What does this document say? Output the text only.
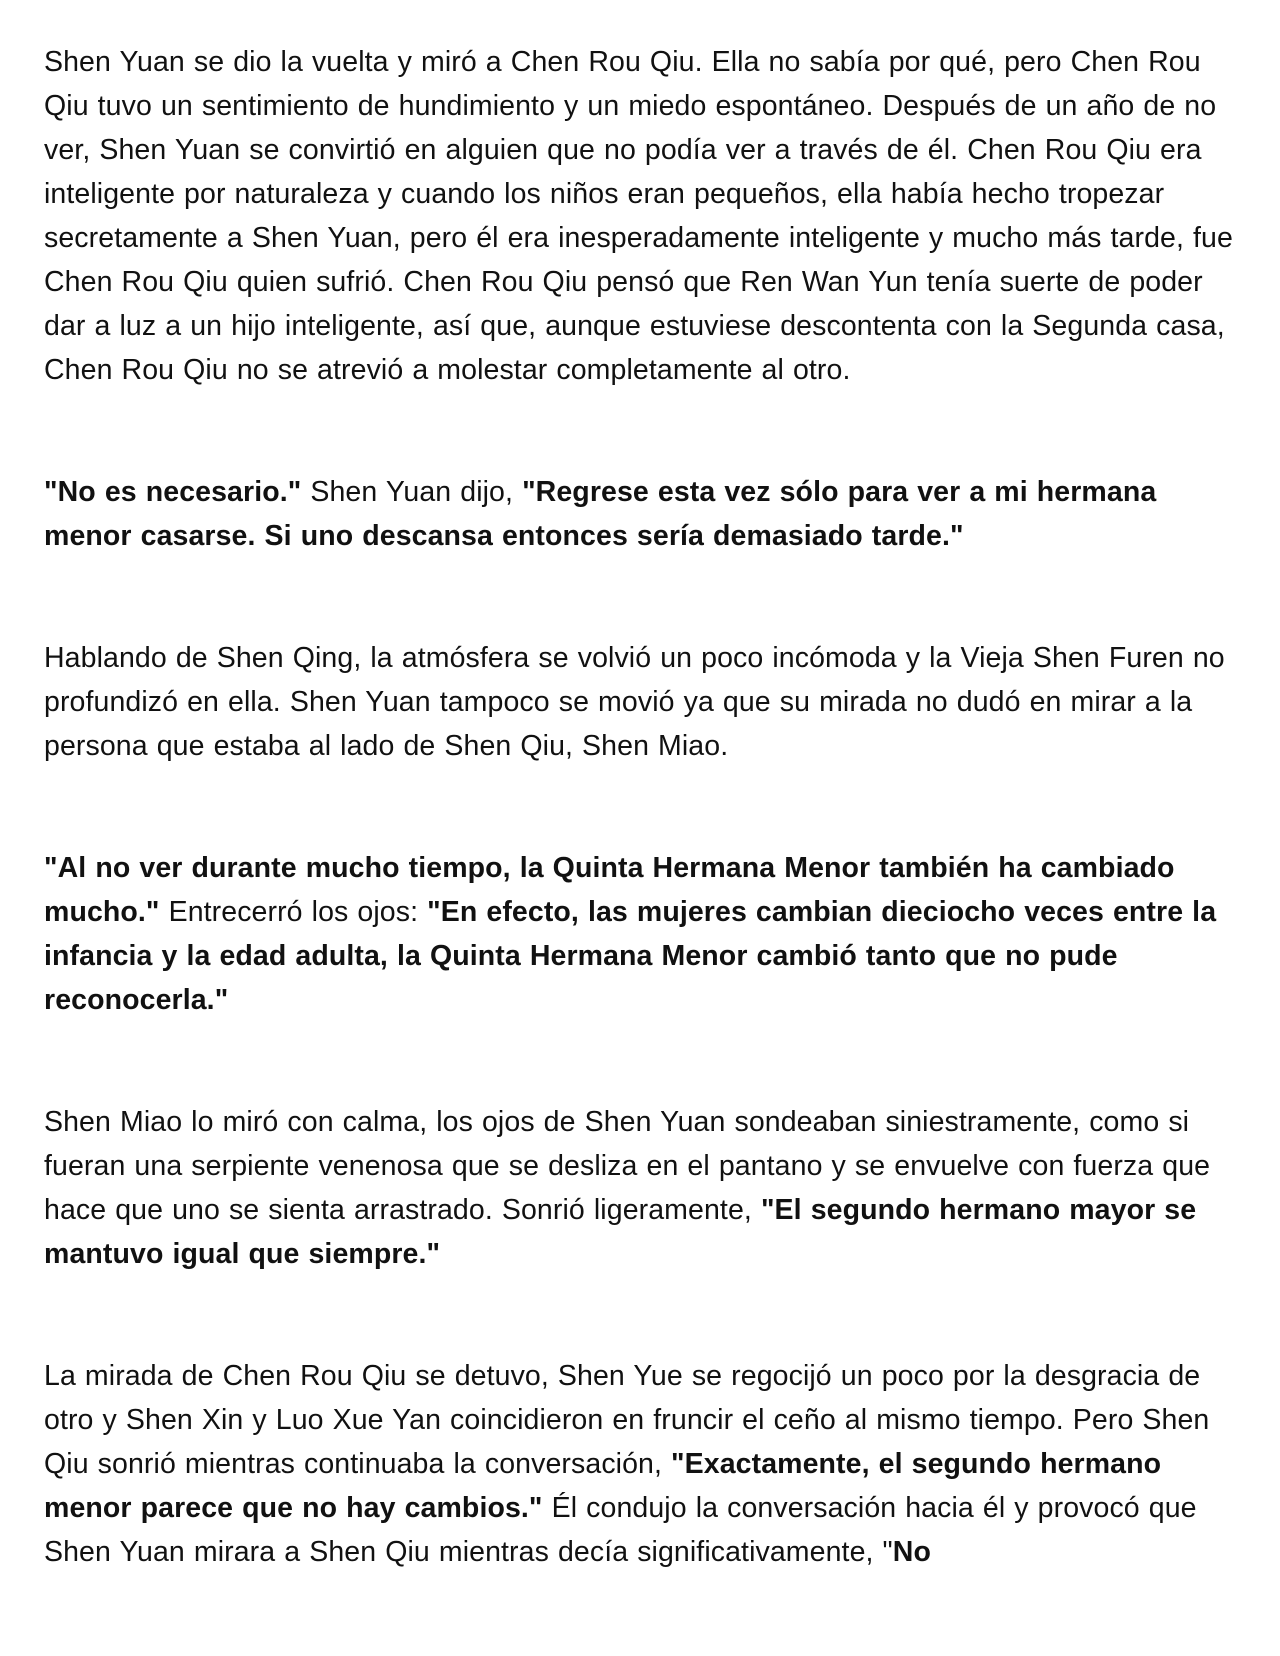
Shen Yuan se dio la vuelta y miró a Chen Rou Qiu. Ella no sabía por qué, pero Chen Rou Qiu tuvo un sentimiento de hundimiento y un miedo espontáneo. Después de un año de no ver, Shen Yuan se convirtió en alguien que no podía ver a través de él. Chen Rou Qiu era inteligente por naturaleza y cuando los niños eran pequeños, ella había hecho tropezar secretamente a Shen Yuan, pero él era inesperadamente inteligente y mucho más tarde, fue Chen Rou Qiu quien sufrió. Chen Rou Qiu pensó que Ren Wan Yun tenía suerte de poder dar a luz a un hijo inteligente, así que, aunque estuviese descontenta con la Segunda casa, Chen Rou Qiu no se atrevió a molestar completamente al otro.

"No es necesario." Shen Yuan dijo, "Regrese esta vez sólo para ver a mi hermana menor casarse. Si uno descansa entonces sería demasiado tarde."

Hablando de Shen Qing, la atmósfera se volvió un poco incómoda y la Vieja Shen Furen no profundizó en ella. Shen Yuan tampoco se movió ya que su mirada no dudó en mirar a la persona que estaba al lado de Shen Qiu, Shen Miao.

"Al no ver durante mucho tiempo, la Quinta Hermana Menor también ha cambiado mucho." Entrecerró los ojos: "En efecto, las mujeres cambian dieciocho veces entre la infancia y la edad adulta, la Quinta Hermana Menor cambió tanto que no pude reconocerla."

Shen Miao lo miró con calma, los ojos de Shen Yuan sondeaban siniestramente, como si fueran una serpiente venenosa que se desliza en el pantano y se envuelve con fuerza que hace que uno se sienta arrastrado. Sonrió ligeramente, "El segundo hermano mayor se mantuvo igual que siempre."

La mirada de Chen Rou Qiu se detuvo, Shen Yue se regocijó un poco por la desgracia de otro y Shen Xin y Luo Xue Yan coincidieron en fruncir el ceño al mismo tiempo. Pero Shen Qiu sonrió mientras continuaba la conversación, "Exactamente, el segundo hermano menor parece que no hay cambios." Él condujo la conversación hacia él y provocó que Shen Yuan mirara a Shen Qiu mientras decía significativamente, "No
